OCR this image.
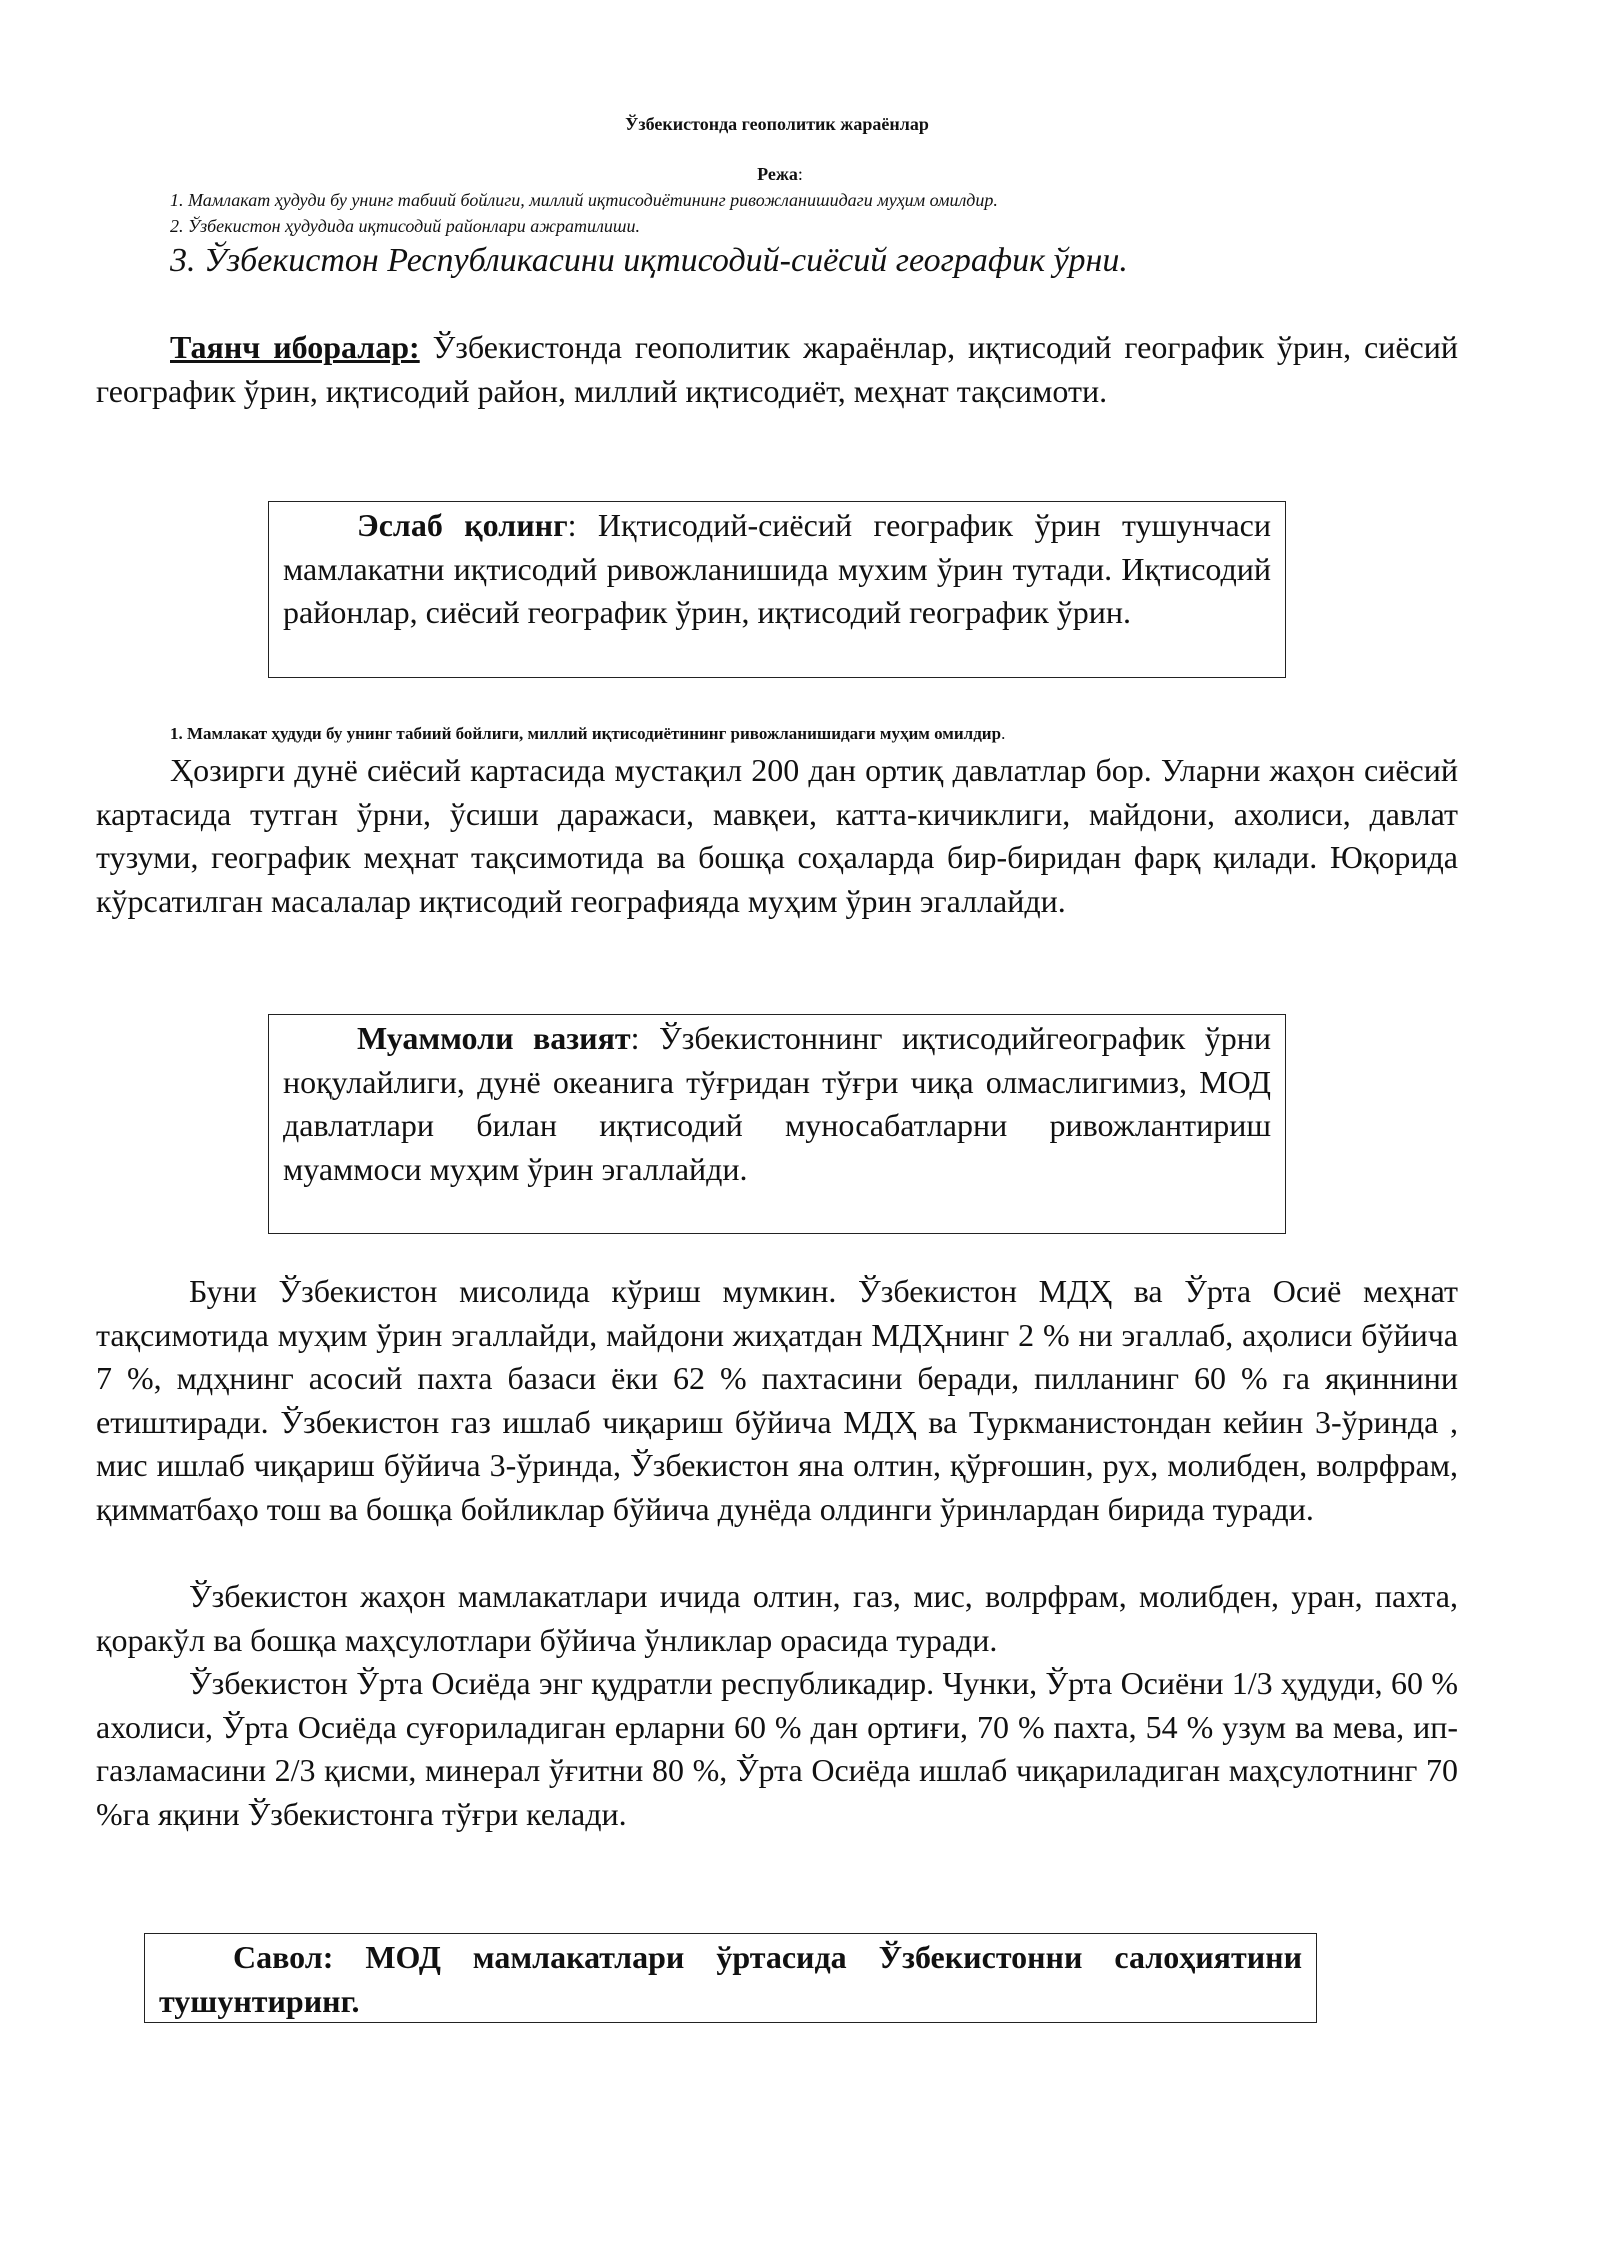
Ўзбекистонда геополитик жараёнлар
Режа:
1. Мамлакат ҳудуди бу унинг табиий бойлиги, миллий иқтисодиётининг ривожланишидаги муҳим омилдир.
2. Ўзбекистон ҳудудида иқтисодий районлари ажратилиши.
3. Ўзбекистон Республикасини иқтисодий-сиёсий географик ўрни.
Таянч иборалар: Ўзбекистонда геополитик жараёнлар, иқтисодий географик ўрин, сиёсий географик ўрин, иқтисодий район, миллий иқтисодиёт, меҳнат тақсимоти.
Эслаб қолинг: Иқтисодий-сиёсий географик ўрин тушунчаси мамлакатни иқтисодий ривожланишида мухим ўрин тутади. Иқтисодий районлар, сиёсий географик ўрин, иқтисодий географик ўрин.
1. Мамлакат ҳудуди бу унинг табиий бойлиги, миллий иқтисодиётининг ривожланишидаги муҳим омилдир.
Ҳозирги дунё сиёсий картасида мустақил 200 дан ортиқ давлатлар бор. Уларни жаҳон сиёсий картасида тутган ўрни, ўсиши даражаси, мавқеи, катта-кичиклиги, майдони, ахолиси, давлат тузуми, географик меҳнат тақсимотида ва бошқа соҳаларда бир-биридан фарқ қилади. Юқорида кўрсатилган масалалар иқтисодий географияда муҳим ўрин эгаллайди.
Муаммоли вазият: Ўзбекистоннинг иқтисодийгеографик ўрни ноқулайлиги, дунё океанига тўғридан тўғри чиқа олмаслигимиз, МОД давлатлари билан иқтисодий муносабатларни ривожлантириш муаммоси муҳим ўрин эгаллайди.
Буни Ўзбекистон мисолида кўриш мумкин. Ўзбекистон МДҲ ва Ўрта Осиё меҳнат тақсимотида муҳим ўрин эгаллайди, майдони жиҳатдан МДҲнинг 2 % ни эгаллаб, аҳолиси бўйича 7 %, мдҳнинг асосий пахта базаси ёки 62 % пахтасини беради, пилланинг 60 % га яқиннини етиштиради. Ўзбекистон газ ишлаб чиқариш бўйича МДҲ ва Туркманистондан кейин 3-ўринда , мис ишлаб чиқариш бўйича 3-ўринда, Ўзбекистон яна олтин, қўрғошин, рух, молибден, волрфрам, қимматбаҳо тош ва бошқа бойликлар бўйича дунёда олдинги ўринлардан бирида туради.
Ўзбекистон жаҳон мамлакатлари ичида олтин, газ, мис, волрфрам, молибден, уран, пахта, қоракўл ва бошқа маҳсулотлари бўйича ўнликлар орасида туради.
Ўзбекистон Ўрта Осиёда энг қудратли республикадир. Чунки, Ўрта Осиёни 1/3 ҳудуди, 60 % ахолиси, Ўрта Осиёда суғориладиган ерларни 60 % дан ортиғи, 70 % пахта, 54 % узум ва мева, ип-газламасини 2/3 қисми, минерал ўғитни 80 %, Ўрта Осиёда ишлаб чиқариладиган маҳсулотнинг 70 %га яқини Ўзбекистонга тўғри келади.
Савол: МОД мамлакатлари ўртасида Ўзбекистонни салоҳиятини тушунтиринг.
